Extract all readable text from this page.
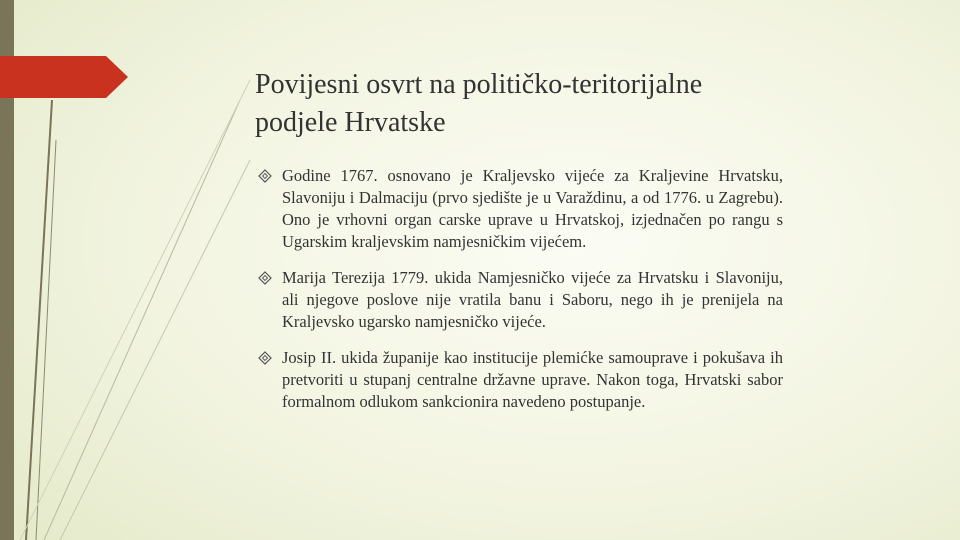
Povijesni osvrt na političko-teritorijalne
podjele Hrvatske
Godine 1767. osnovano je Kraljevsko vijeće za Kraljevine Hrvatsku, Slavoniju i Dalmaciju (prvo sjedište je u Varaždinu, a od 1776. u Zagrebu). Ono je vrhovni organ carske uprave u Hrvatskoj, izjednačen po rangu s Ugarskim kraljevskim namjesničkim vijećem.
Marija Terezija 1779. ukida Namjesničko vijeće za Hrvatsku i Slavoniju, ali njegove poslove nije vratila banu i Saboru, nego ih je prenijela na Kraljevsko ugarsko namjesničko vijeće.
Josip II. ukida županije kao institucije plemićke samouprave i pokušava ih pretvoriti u stupanj centralne državne uprave. Nakon toga, Hrvatski sabor formalnom odlukom sankcionira navedeno postupanje.
